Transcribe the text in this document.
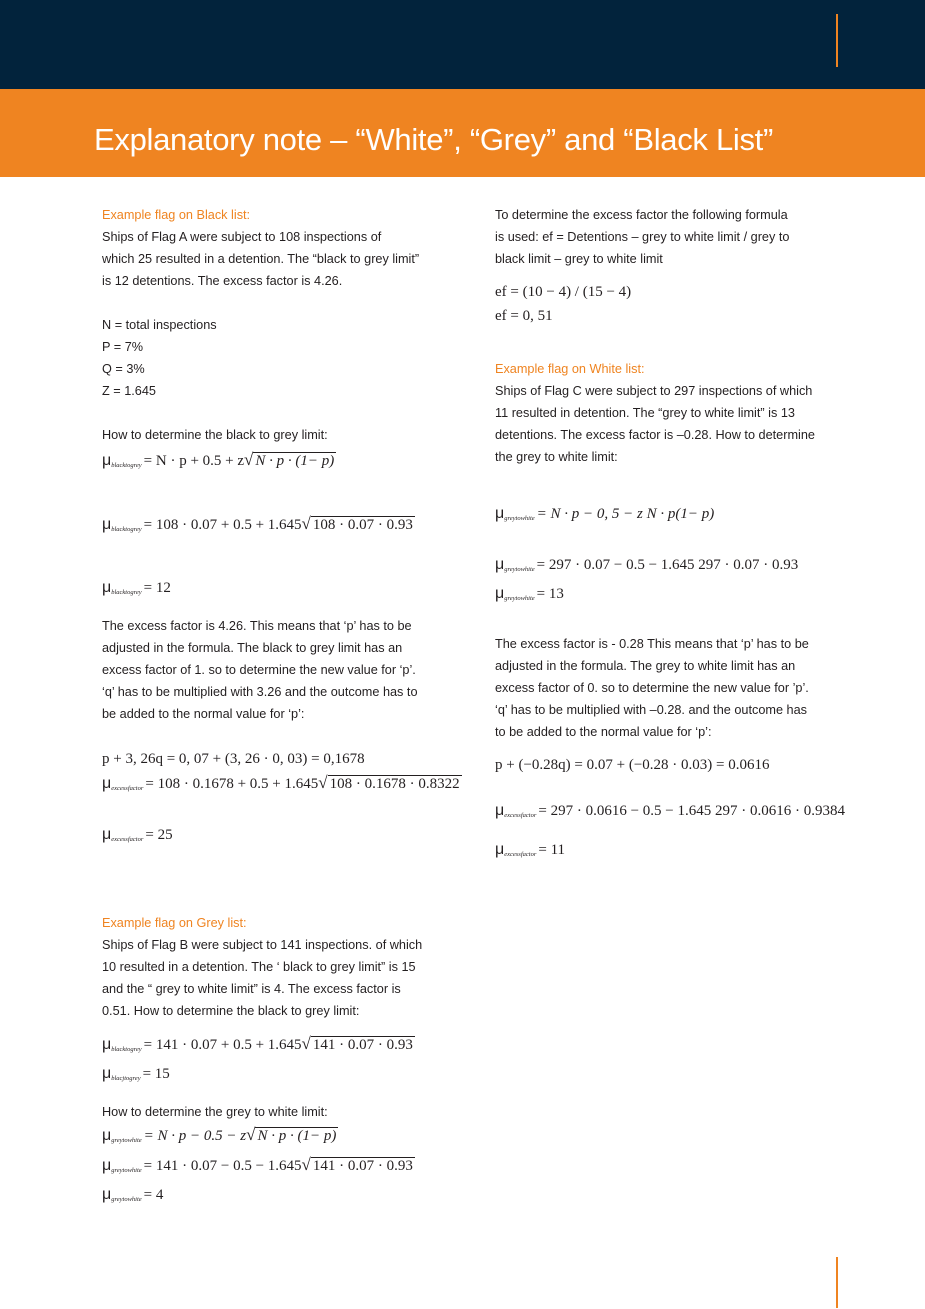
Explanatory note – “White”, “Grey” and “Black List”

Example flag on Black list:

Ships of Flag A were subject to 108 inspections of

which 25 resulted in a detention. The “black to grey limit”

is 12 detentions. The excess factor is 4.26.

N = total inspections

P = 7%

Q = 3%

Z = 1.645

How to determine the black to grey limit:

$\mu_{blacktogrey} = N \cdot p + 0.5 + z√$ N · p · (1− p)

$\mu_{blacktogrey} = 108 \cdot 0.07 + 0.5 + 1.645√$ 108 · 0.07 · 0.93

$\mu_{blacktogrey} = 12$

The excess factor is 4.26. This means that ‘p’ has to be

adjusted in the formula. The black to grey limit has an

excess factor of 1. so to determine the new value for ‘p’.

‘q’ has to be multiplied with 3.26 and the outcome has to

be added to the normal value for ‘p’:

p + 3, 26q = 0, 07 + (3, 26 · 0, 03) = 0,1678

$\mu_{excessfactor} = 108 \cdot 0.1678 + 0.5 + 1.645√$ 108 · 0.1678 · 0.8322

$\mu_{excessfactor} = 25$

Example flag on Grey list:

Ships of Flag B were subject to 141 inspections. of which

10 resulted in a detention. The ‘ black to grey limit” is 15

and the “ grey to white limit” is 4. The excess factor is

0.51. How to determine the black to grey limit:

$\mu_{blacktogrey} = 141 \cdot 0.07 + 0.5 + 1.645√$ 141 · 0.07 · 0.93

$\mu_{blacjtogrey} = 15$

How to determine the grey to white limit:

$\mu_{greytowhite} = N \cdot p - 0.5 - z√$ N · p · (1− p)

$\mu_{greytowhite} = 141 \cdot 0.07 - 0.5 - 1.645√$ 141 · 0.07 · 0.93

$\mu_{greytowhite} = 4$

To determine the excess factor the following formula

is used: ef = Detentions – grey to white limit / grey to

black limit – grey to white limit

ef = (10 − 4) / (15 − 4)

ef = 0, 51

Example flag on White list:

Ships of Flag C were subject to 297 inspections of which

11 resulted in detention. The “grey to white limit” is 13

detentions. The excess factor is –0.28. How to determine

the grey to white limit:

$\mu_{greytowhite} = N \cdot p - 0$, 5 − z N · p(1− p)

$\mu_{greytowhite} = 297 \cdot 0.07 - 0.5 - 1.645$ 297 · 0.07 · 0.93

$\mu_{greytowhite} = 13$

The excess factor is - 0.28 This means that ‘p’ has to be

adjusted in the formula. The grey to white limit has an

excess factor of 0. so to determine the new value for ’p’.

‘q’ has to be multiplied with –0.28. and the outcome has

to be added to the normal value for ‘p’:

p + (−0.28q) = 0.07 + (−0.28 · 0.03) = 0.0616

$\mu_{excessfactor} = 297 \cdot 0.0616 - 0.5 - 1.645$ 297 · 0.0616 · 0.9384

$\mu_{excessfactor} = 11$
